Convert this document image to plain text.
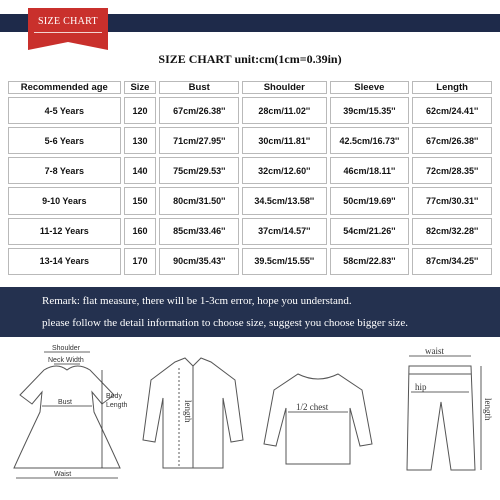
SIZE CHART
SIZE CHART unit:cm(1cm=0.39in)
Recommended age	Size	Bust	Shoulder	Sleeve	Length
4-5 Years	120	67cm/26.38''	28cm/11.02''	39cm/15.35''	62cm/24.41''
5-6 Years	130	71cm/27.95''	30cm/11.81''	42.5cm/16.73''	67cm/26.38''
7-8 Years	140	75cm/29.53''	32cm/12.60''	46cm/18.11''	72cm/28.35''
9-10 Years	150	80cm/31.50''	34.5cm/13.58''	50cm/19.69''	77cm/30.31''
11-12 Years	160	85cm/33.46''	37cm/14.57''	54cm/21.26''	82cm/32.28''
13-14 Years	170	90cm/35.43''	39.5cm/15.55''	58cm/22.83''	87cm/34.25''
Remark: flat measure, there will be 1-3cm error, hope you understand.
please follow the detail information to choose size, suggest you choose bigger size.
Shoulder
Neck Width
Bust
Waist
Body
Length	length	1/2 chest
waist
hip
length
